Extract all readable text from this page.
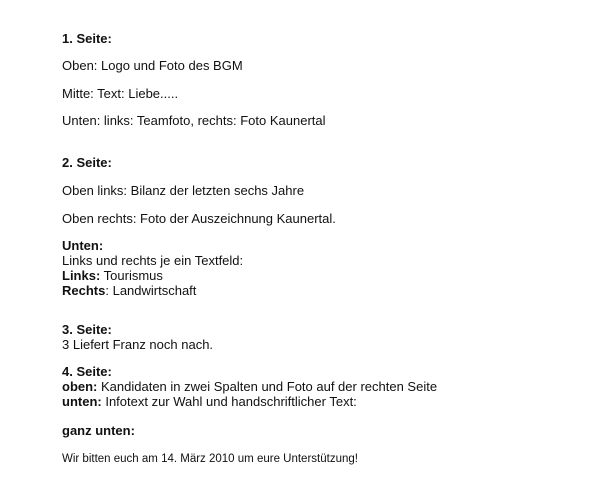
1. Seite:
Oben: Logo und Foto des BGM
Mitte: Text: Liebe.....
Unten: links: Teamfoto, rechts: Foto Kaunertal
2. Seite:
Oben links: Bilanz der letzten sechs Jahre
Oben rechts: Foto der Auszeichnung Kaunertal.
Unten:
Links und rechts je ein Textfeld:
Links: Tourismus
Rechts: Landwirtschaft
3. Seite:
3 Liefert Franz noch nach.
4. Seite:
oben: Kandidaten in zwei Spalten und Foto auf der rechten Seite
unten: Infotext zur Wahl und handschriftlicher Text:
ganz unten:
Wir bitten euch am 14. März 2010 um eure Unterstützung!
